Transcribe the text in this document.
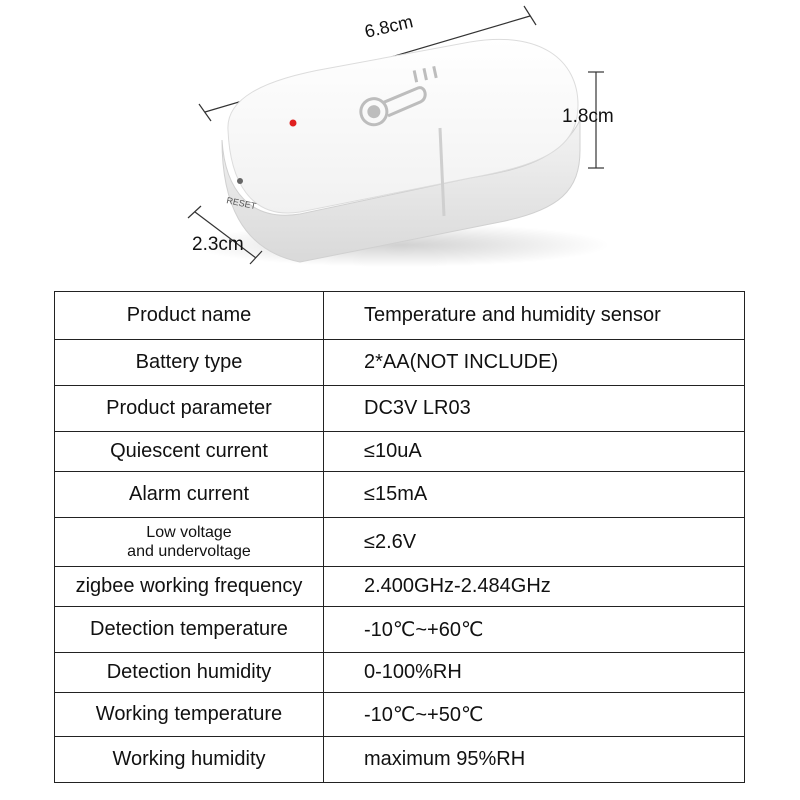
RESET
6.8cm
1.8cm
2.3cm
Product name	Temperature and humidity sensor
Battery type	2*AA(NOT INCLUDE)
Product parameter	DC3V LR03
Quiescent current	≤10uA
Alarm current	≤15mA

Low voltage
and undervoltage	≤2.6V
zigbee working frequency	2.400GHz-2.484GHz
Detection temperature	-10℃~+60℃
Detection humidity	0-100%RH
Working temperature	-10℃~+50℃
Working humidity	maximum 95%RH
